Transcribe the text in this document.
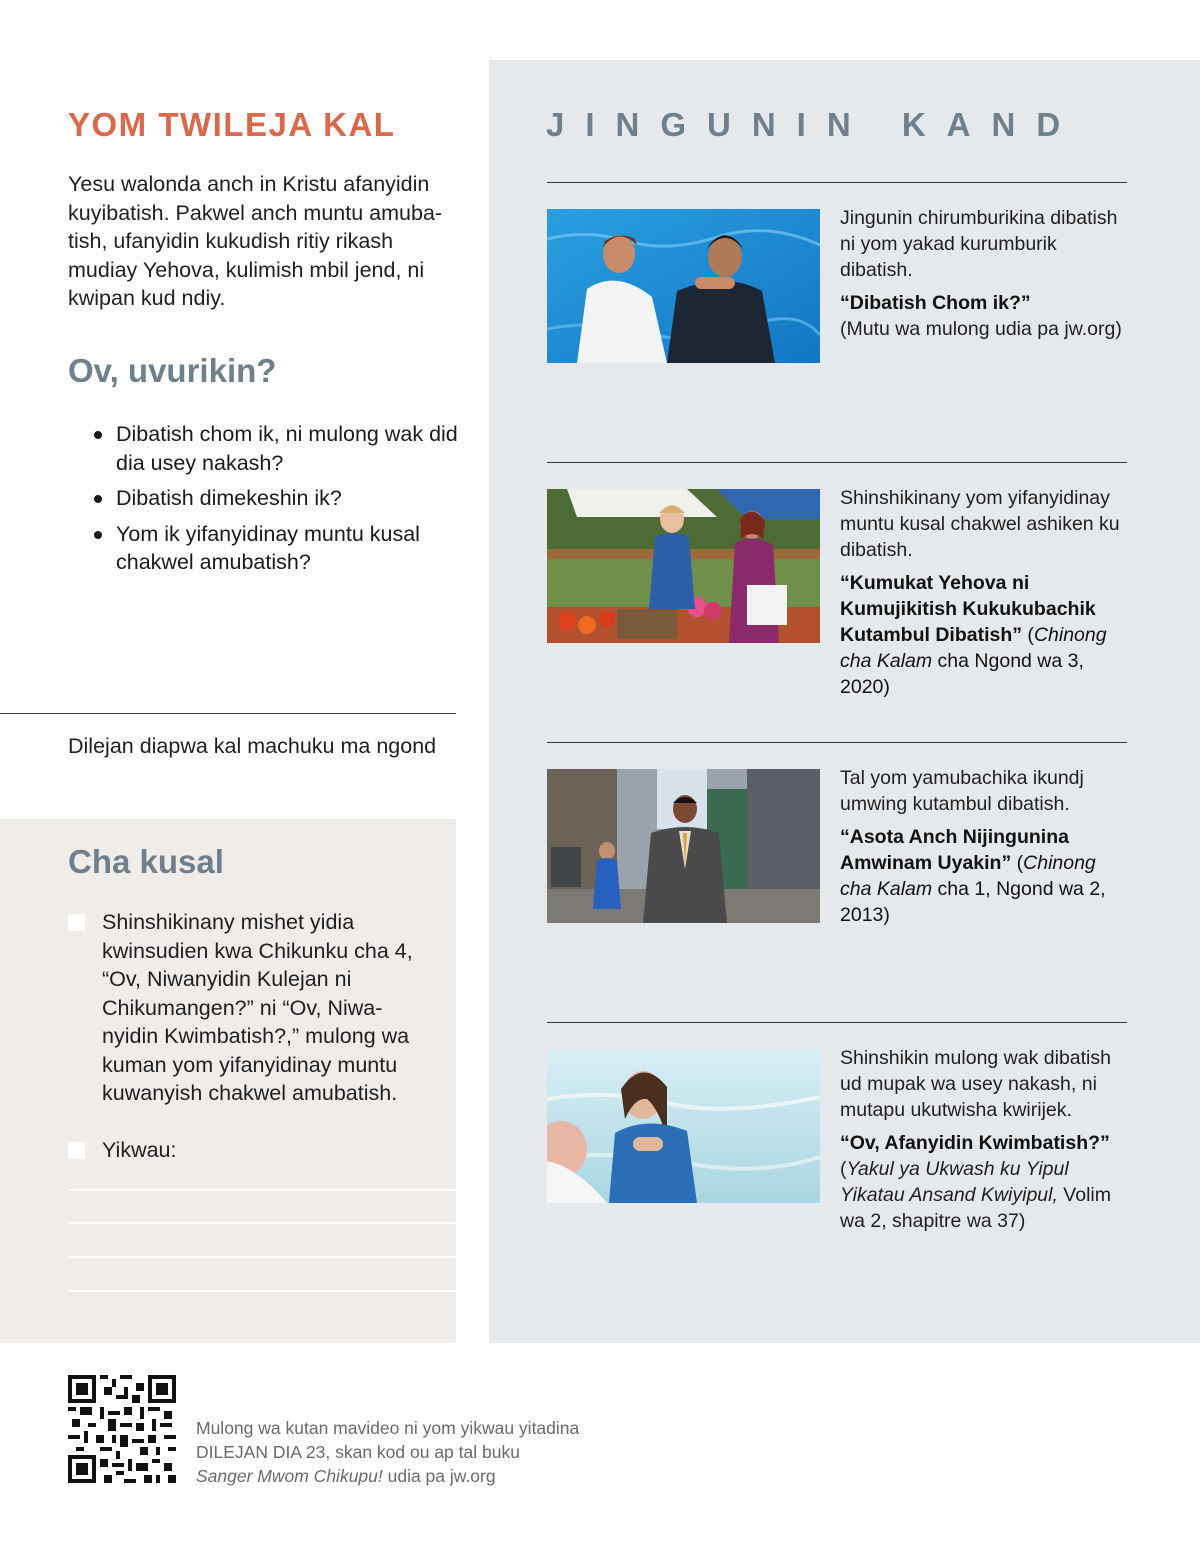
YOM TWILEJA KAL

Yesu walonda anch in Kristu afanyidin kuyibatish. Pakwel anch muntu amuba-tish, ufanyidin kukudish ritiy rikash mudiay Yehova, kulimish mbil jend, ni kwipan kud ndiy.

Ov, uvurikin?
Dibatish chom ik, ni mulong wak did dia usey nakash?
Dibatish dimekeshin ik?
Yom ik yifanyidinay muntu kusal chakwel amubatish?
Dilejan diapwa kal machuku ma ngond
Cha kusal

Shinshikinany mishet yidia kwinsudien kwa Chikunku cha 4, “Ov, Niwanyidin Kulejan ni Chikumangen?” ni “Ov, Niwa-nyidin Kwimbatish?,” mulong wa kuman yom yifanyidinay muntu kuwanyish chakwel amubatish.

Yikwau:

JINGUNIN KAND

Jingunin chirumburikina dibatish ni yom yakad kurumburik dibatish.

“Dibatish Chom ik?”

(Mutu wa mulong udia pa jw.org)

Shinshikinany yom yifanyidinay muntu kusal chakwel ashiken ku dibatish.

“Kumukat Yehova ni Kumujikitish Kukukubachik Kutambul Dibatish” (Chinong cha Kalam cha Ngond wa 3, 2020)

Tal yom yamubachika ikundj umwing kutambul dibatish.

“Asota Anch Nijingunina Amwinam Uyakin” (Chinong cha Kalam cha 1, Ngond wa 2, 2013)

Shinshikin mulong wak dibatish ud mupak wa usey nakash, ni mutapu ukutwisha kwirijek.

“Ov, Afanyidin Kwimbatish?”

(Yakul ya Ukwash ku Yipul Yikatau Ansand Kwiyipul, Volim wa 2, shapitre wa 37)

Mulong wa kutan mavideo ni yom yikwau yitadina
DILEJAN DIA 23, skan kod ou ap tal buku
Sanger Mwom Chikupu! udia pa jw.org
